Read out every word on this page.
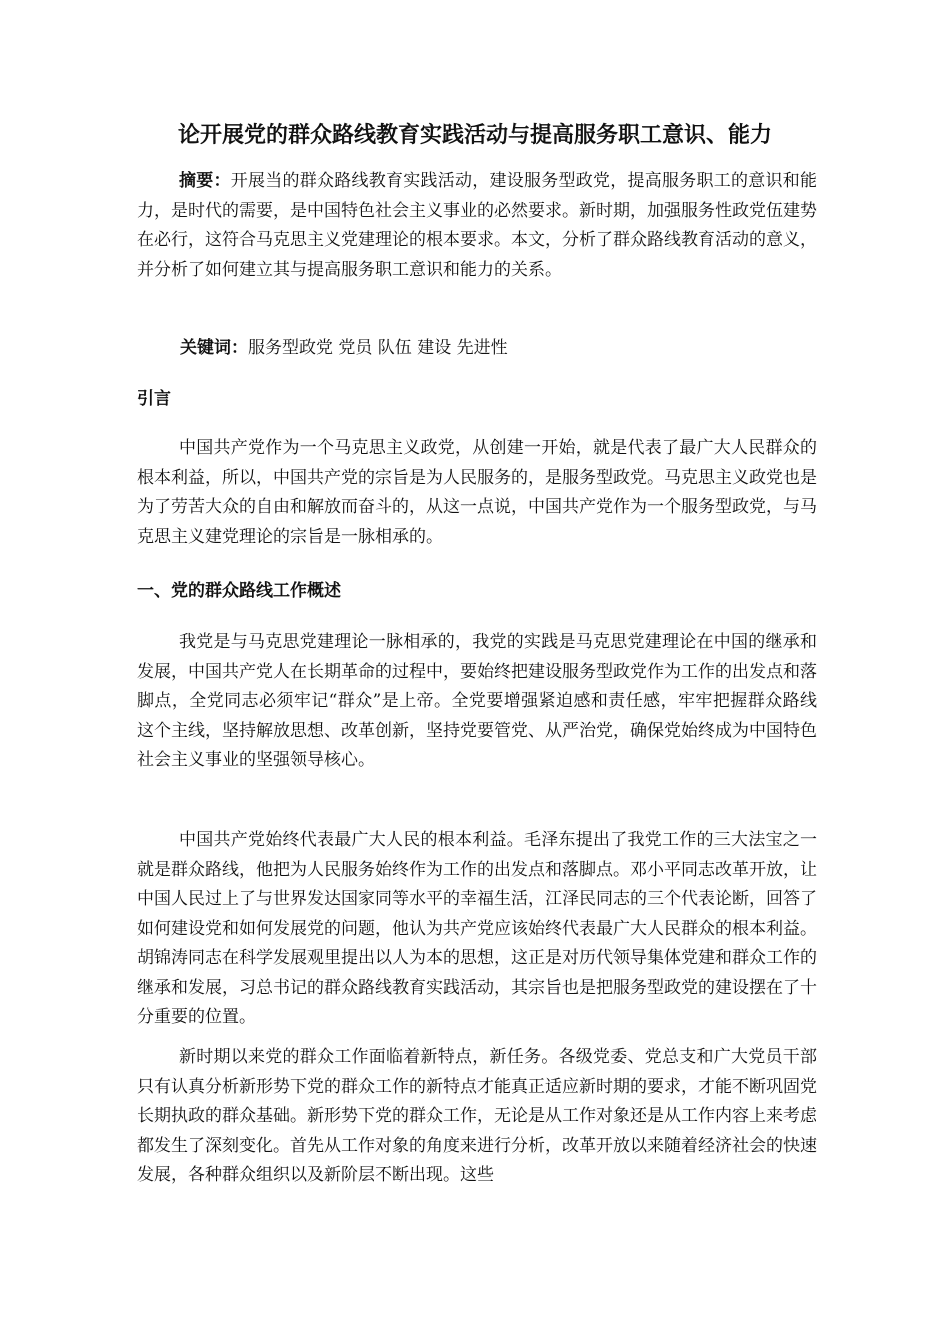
论开展党的群众路线教育实践活动与提高服务职工意识、能力
摘要：开展当的群众路线教育实践活动，建设服务型政党，提高服务职工的意识和能力，是时代的需要，是中国特色社会主义事业的必然要求。新时期，加强服务性政党伍建势在必行，这符合马克思主义党建理论的根本要求。本文，分析了群众路线教育活动的意义，并分析了如何建立其与提高服务职工意识和能力的关系。
关键词：服务型政党 党员 队伍 建设 先进性
引言
中国共产党作为一个马克思主义政党，从创建一开始，就是代表了最广大人民群众的根本利益，所以，中国共产党的宗旨是为人民服务的，是服务型政党。马克思主义政党也是为了劳苦大众的自由和解放而奋斗的，从这一点说，中国共产党作为一个服务型政党，与马克思主义建党理论的宗旨是一脉相承的。
一、党的群众路线工作概述
我党是与马克思党建理论一脉相承的，我党的实践是马克思党建理论在中国的继承和发展，中国共产党人在长期革命的过程中，要始终把建设服务型政党作为工作的出发点和落脚点，全党同志必须牢记“群众”是上帝。全党要增强紧迫感和责任感，牢牢把握群众路线这个主线，坚持解放思想、改革创新，坚持党要管党、从严治党，确保党始终成为中国特色社会主义事业的坚强领导核心。
中国共产党始终代表最广大人民的根本利益。毛泽东提出了我党工作的三大法宝之一就是群众路线，他把为人民服务始终作为工作的出发点和落脚点。邓小平同志改革开放，让中国人民过上了与世界发达国家同等水平的幸福生活，江泽民同志的三个代表论断，回答了如何建设党和如何发展党的问题，他认为共产党应该始终代表最广大人民群众的根本利益。胡锦涛同志在科学发展观里提出以人为本的思想，这正是对历代领导集体党建和群众工作的继承和发展，习总书记的群众路线教育实践活动，其宗旨也是把服务型政党的建设摆在了十分重要的位置。
新时期以来党的群众工作面临着新特点，新任务。各级党委、党总支和广大党员干部只有认真分析新形势下党的群众工作的新特点才能真正适应新时期的要求，才能不断巩固党长期执政的群众基础。新形势下党的群众工作，无论是从工作对象还是从工作内容上来考虑都发生了深刻变化。首先从工作对象的角度来进行分析，改革开放以来随着经济社会的快速发展，各种群众组织以及新阶层不断出现。这些
